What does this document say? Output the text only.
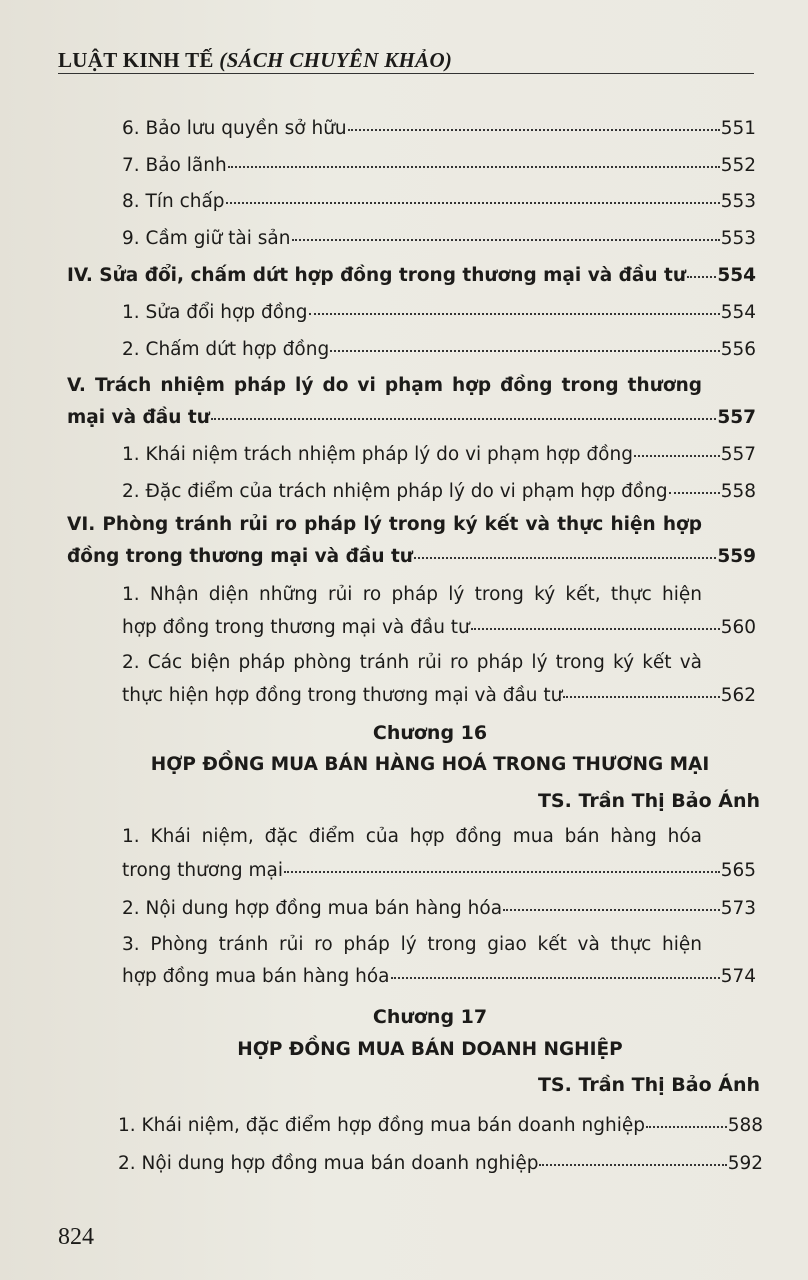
LUẬT KINH TẾ (SÁCH CHUYÊN KHẢO)
6. Bảo lưu quyền sở hữu	551
7. Bảo lãnh	552
8. Tín chấp	553
9. Cầm giữ tài sản	553
IV. Sửa đổi, chấm dứt hợp đồng trong thương mại và đầu tư 554
1. Sửa đổi hợp đồng	554
2. Chấm dứt hợp đồng	556
V. Trách nhiệm pháp lý do vi phạm hợp đồng trong thương
mại và đầu tư	557
1. Khái niệm trách nhiệm pháp lý do vi phạm hợp đồng	557
2. Đặc điểm của trách nhiệm pháp lý do vi phạm hợp đồng	558
VI. Phòng tránh rủi ro pháp lý trong ký kết và thực hiện hợp
đồng trong thương mại và đầu tư	559
1. Nhận diện những rủi ro pháp lý trong ký kết, thực hiện
hợp đồng trong thương mại và đầu tư	560
2. Các biện pháp phòng tránh rủi ro pháp lý trong ký kết và
thực hiện hợp đồng trong thương mại và đầu tư	562
Chương 16
HỢP ĐỒNG MUA BÁN HÀNG HOÁ TRONG THƯƠNG MẠI
TS. Trần Thị Bảo Ánh
1. Khái niệm, đặc điểm của hợp đồng mua bán hàng hóa
trong thương mại	565
2. Nội dung hợp đồng mua bán hàng hóa	573
3. Phòng tránh rủi ro pháp lý trong giao kết và thực hiện
hợp đồng mua bán hàng hóa	574
Chương 17
HỢP ĐỒNG MUA BÁN DOANH NGHIỆP
TS. Trần Thị Bảo Ánh
1. Khái niệm, đặc điểm hợp đồng mua bán doanh nghiệp	588
2. Nội dung hợp đồng mua bán doanh nghiệp	592
824
